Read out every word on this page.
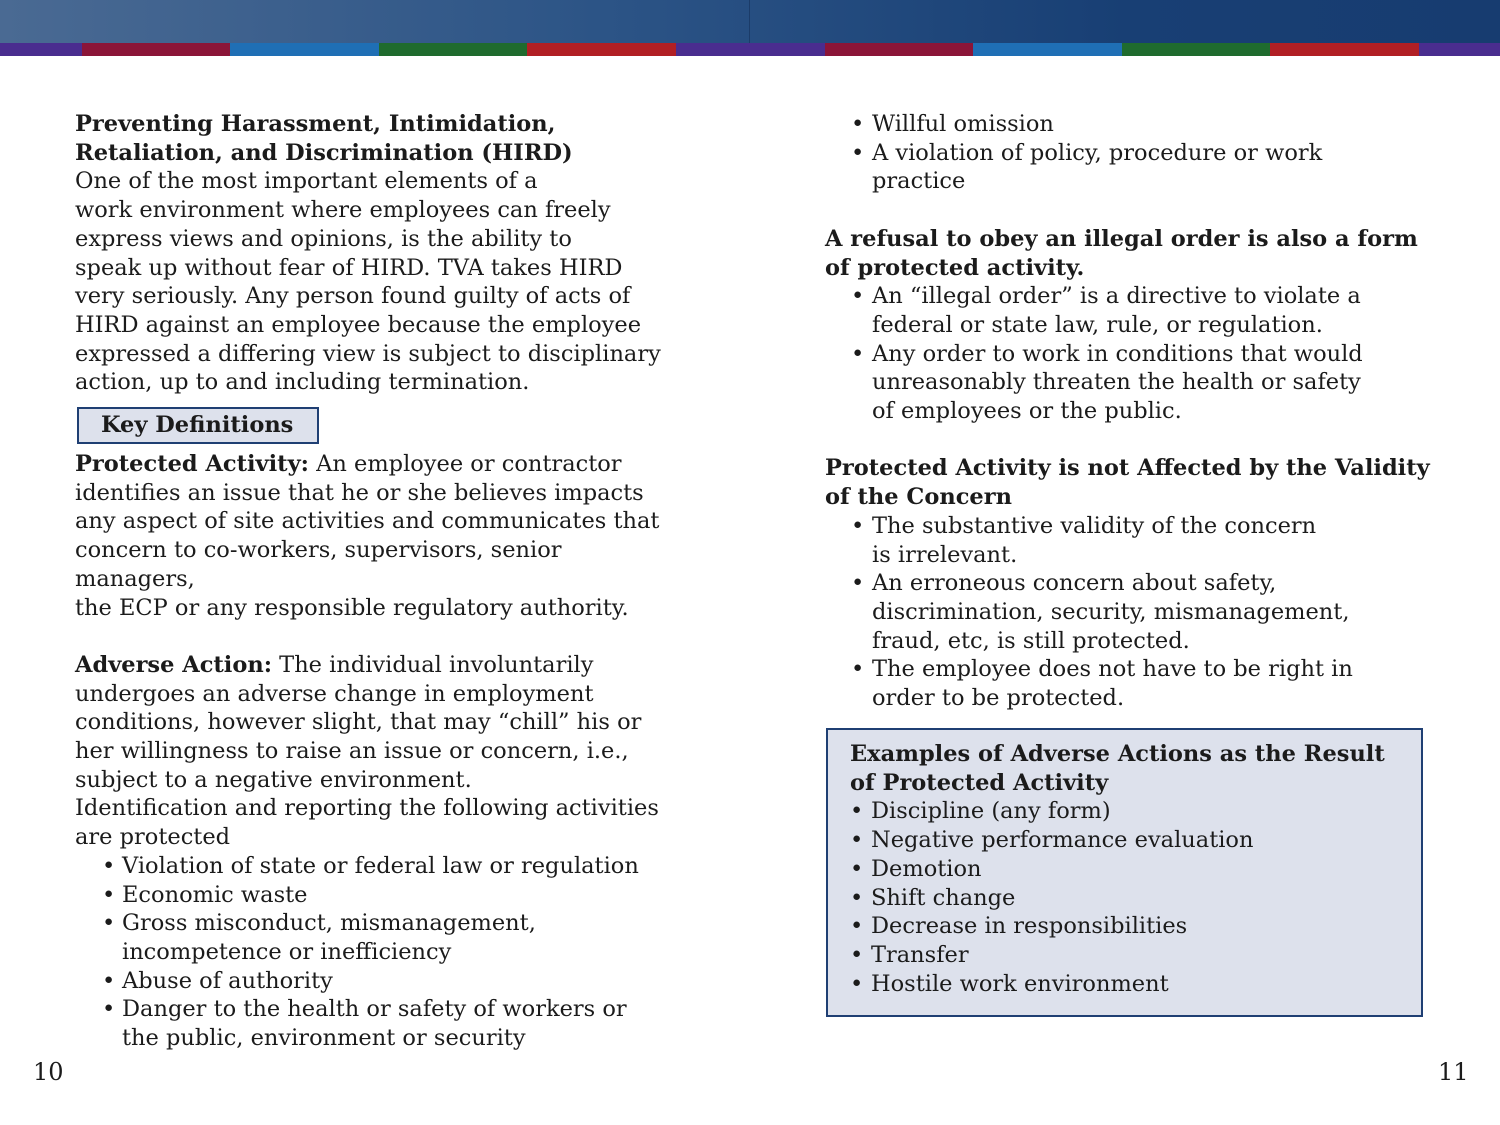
Preventing Harassment, Intimidation,
Retaliation, and Discrimination (HIRD)

One of the most important elements of a
work environment where employees can freely
express views and opinions, is the ability to
speak up without fear of HIRD. TVA takes HIRD
very seriously. Any person found guilty of acts of
HIRD against an employee because the employee
expressed a differing view is subject to disciplinary
action, up to and including termination.

Key Definitions

Protected Activity: An employee or contractor
identifies an issue that he or she believes impacts
any aspect of site activities and communicates that
concern to co-workers, supervisors, senior managers,
the ECP or any responsible regulatory authority.

Adverse Action: The individual involuntarily
undergoes an adverse change in employment
conditions, however slight, that may “chill” his or
her willingness to raise an issue or concern, i.e.,
subject to a negative environment.
Identification and reporting the following activities
are protected

• Violation of state or federal law or regulation
• Economic waste
• Gross misconduct, mismanagement,
incompetence or inefficiency
• Abuse of authority
• Danger to the health or safety of workers or
the public, environment or security
• Willful omission
• A violation of policy, procedure or work
practice

A refusal to obey an illegal order is also a form
of protected activity.

• An “illegal order” is a directive to violate a
federal or state law, rule, or regulation.
• Any order to work in conditions that would
unreasonably threaten the health or safety
of employees or the public.

Protected Activity is not Affected by the Validity
of the Concern

• The substantive validity of the concern
is irrelevant.
• An erroneous concern about safety,
discrimination, security, mismanagement,
fraud, etc, is still protected.
• The employee does not have to be right in
order to be protected.

Examples of Adverse Actions as the Result
of Protected Activity

• Discipline (any form)
• Negative performance evaluation
• Demotion
• Shift change
• Decrease in responsibilities
• Transfer
• Hostile work environment
10	11
